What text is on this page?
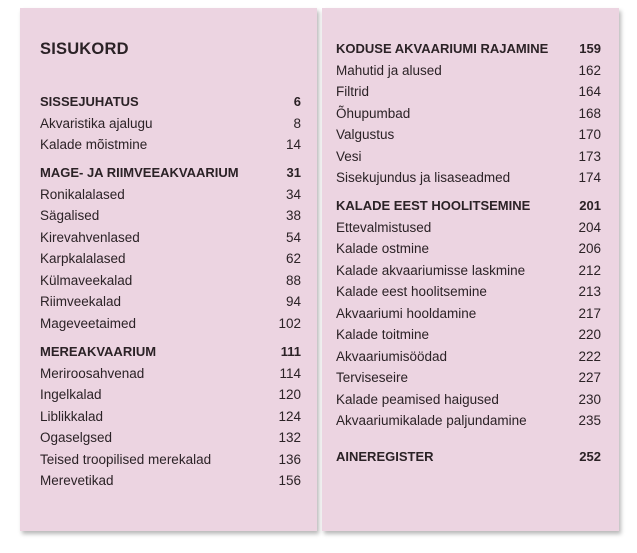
SISUKORD
SISSEJUHATUS	6
Akvaristika ajalugu	8
Kalade mõistmine	14
MAGE- JA RIIMVEEAKVAARIUM	31
Ronikalalased	34
Sägalised	38
Kirevahvenlased	54
Karpkalalased	62
Külmaveekalad	88
Riimveekalad	94
Mageveetaimed	102
MEREAKVAARIUM	111
Meriroosahvenad	114
Ingelkalad	120
Liblikkalad	124
Ogaselgsed	132
Teised troopilised merekalad	136
Merevetikad	156
KODUSE AKVAARIUMI RAJAMINE	159
Mahutid ja alused	162
Filtrid	164
Õhupumbad	168
Valgustus	170
Vesi	173
Sisekujundus ja lisaseadmed	174
KALADE EEST HOOLITSEMINE	201
Ettevalmistused	204
Kalade ostmine	206
Kalade akvaariumisse laskmine	212
Kalade eest hoolitsemine	213
Akvaariumi hooldamine	217
Kalade toitmine	220
Akvaariumisöödad	222
Terviseseire	227
Kalade peamised haigused	230
Akvaariumikalade paljundamine	235
AINEREGISTER	252
